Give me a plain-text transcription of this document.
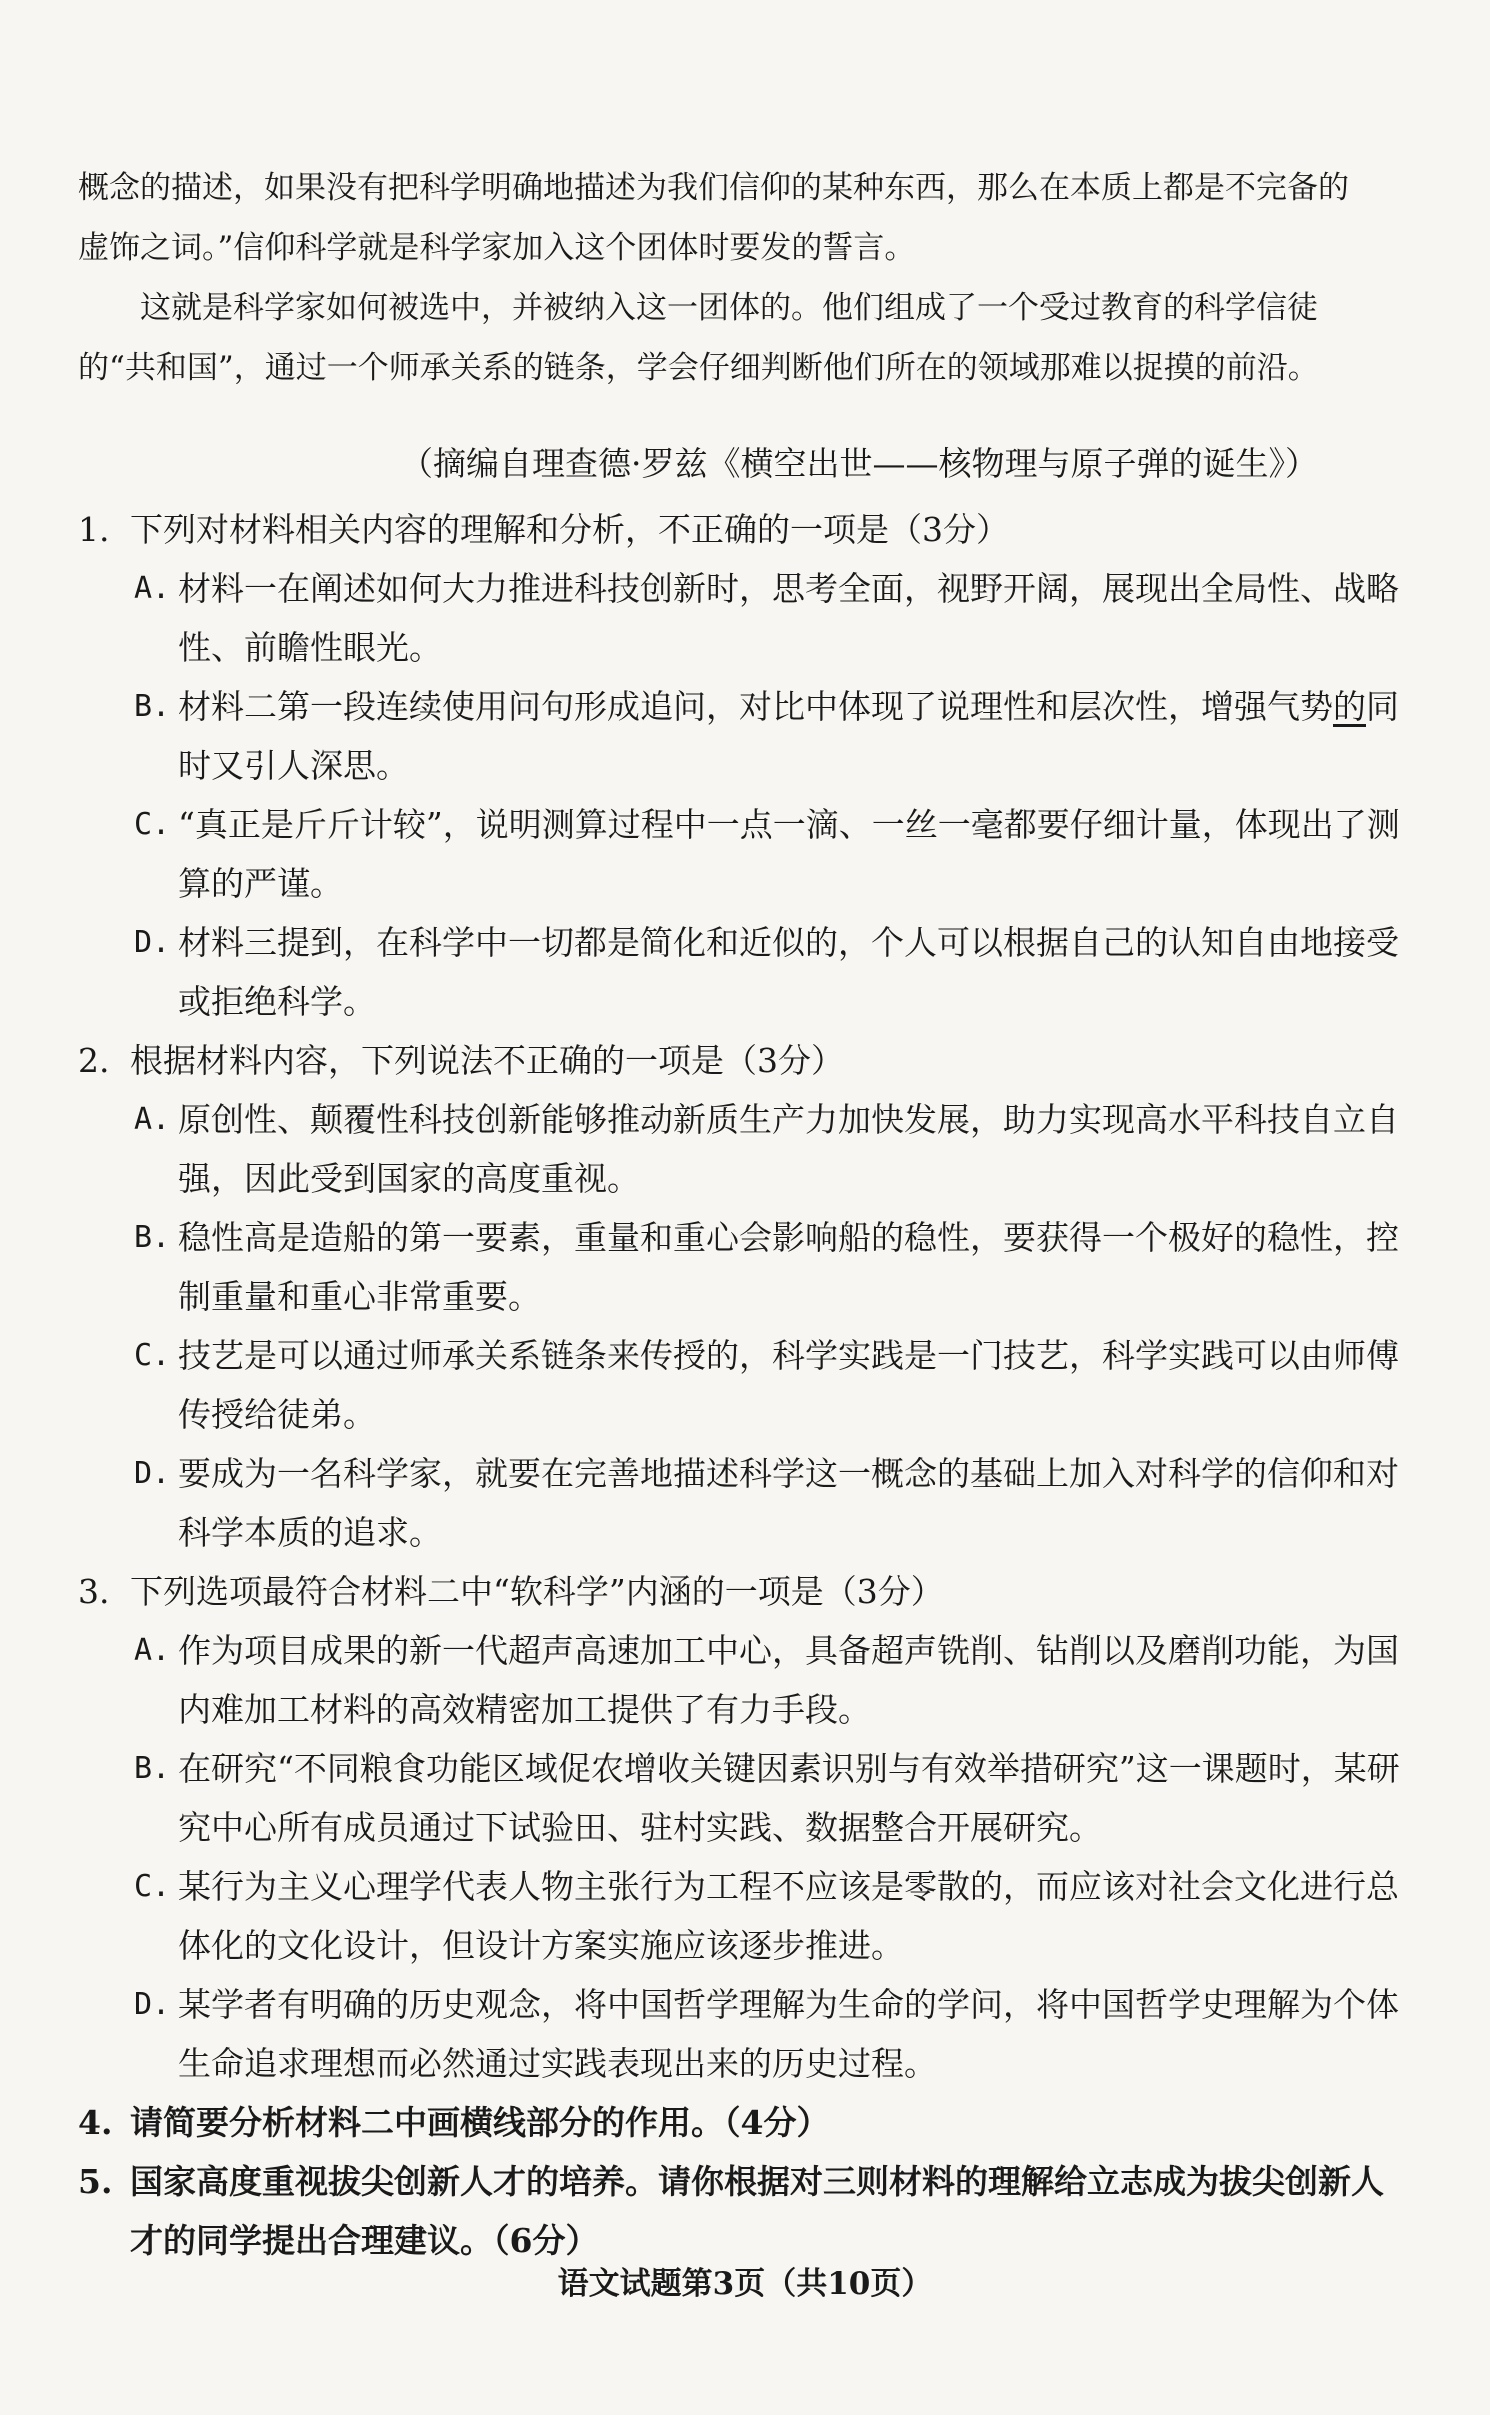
概念的描述，如果没有把科学明确地描述为我们信仰的某种东西，那么在本质上都是不完备的虚饰之词。”信仰科学就是科学家加入这个团体时要发的誓言。

这就是科学家如何被选中，并被纳入这一团体的。他们组成了一个受过教育的科学信徒的“共和国”，通过一个师承关系的链条，学会仔细判断他们所在的领域那难以捉摸的前沿。

（摘编自理查德·罗兹《横空出世——核物理与原子弹的诞生》）
1. 下列对材料相关内容的理解和分析，不正确的一项是（3分）
A. 材料一在阐述如何大力推进科技创新时，思考全面，视野开阔，展现出全局性、战略性、前瞻性眼光。
B. 材料二第一段连续使用问句形成追问，对比中体现了说理性和层次性，增强气势的同时又引人深思。
C. “真正是斤斤计较”，说明测算过程中一点一滴、一丝一毫都要仔细计量，体现出了测算的严谨。
D. 材料三提到，在科学中一切都是简化和近似的，个人可以根据自己的认知自由地接受或拒绝科学。
2. 根据材料内容，下列说法不正确的一项是（3分）
A. 原创性、颠覆性科技创新能够推动新质生产力加快发展，助力实现高水平科技自立自强，因此受到国家的高度重视。
B. 稳性高是造船的第一要素，重量和重心会影响船的稳性，要获得一个极好的稳性，控制重量和重心非常重要。
C. 技艺是可以通过师承关系链条来传授的，科学实践是一门技艺，科学实践可以由师傅传授给徒弟。
D. 要成为一名科学家，就要在完善地描述科学这一概念的基础上加入对科学的信仰和对科学本质的追求。
3. 下列选项最符合材料二中“软科学”内涵的一项是（3分）
A. 作为项目成果的新一代超声高速加工中心，具备超声铣削、钻削以及磨削功能，为国内难加工材料的高效精密加工提供了有力手段。
B. 在研究“不同粮食功能区域促农增收关键因素识别与有效举措研究”这一课题时，某研究中心所有成员通过下试验田、驻村实践、数据整合开展研究。
C. 某行为主义心理学代表人物主张行为工程不应该是零散的，而应该对社会文化进行总体化的文化设计，但设计方案实施应该逐步推进。
D. 某学者有明确的历史观念，将中国哲学理解为生命的学问，将中国哲学史理解为个体生命追求理想而必然通过实践表现出来的历史过程。
4. 请简要分析材料二中画横线部分的作用。（4分）
5. 国家高度重视拔尖创新人才的培养。请你根据对三则材料的理解给立志成为拔尖创新人才的同学提出合理建议。（6分）
语文试题第3页（共10页）
